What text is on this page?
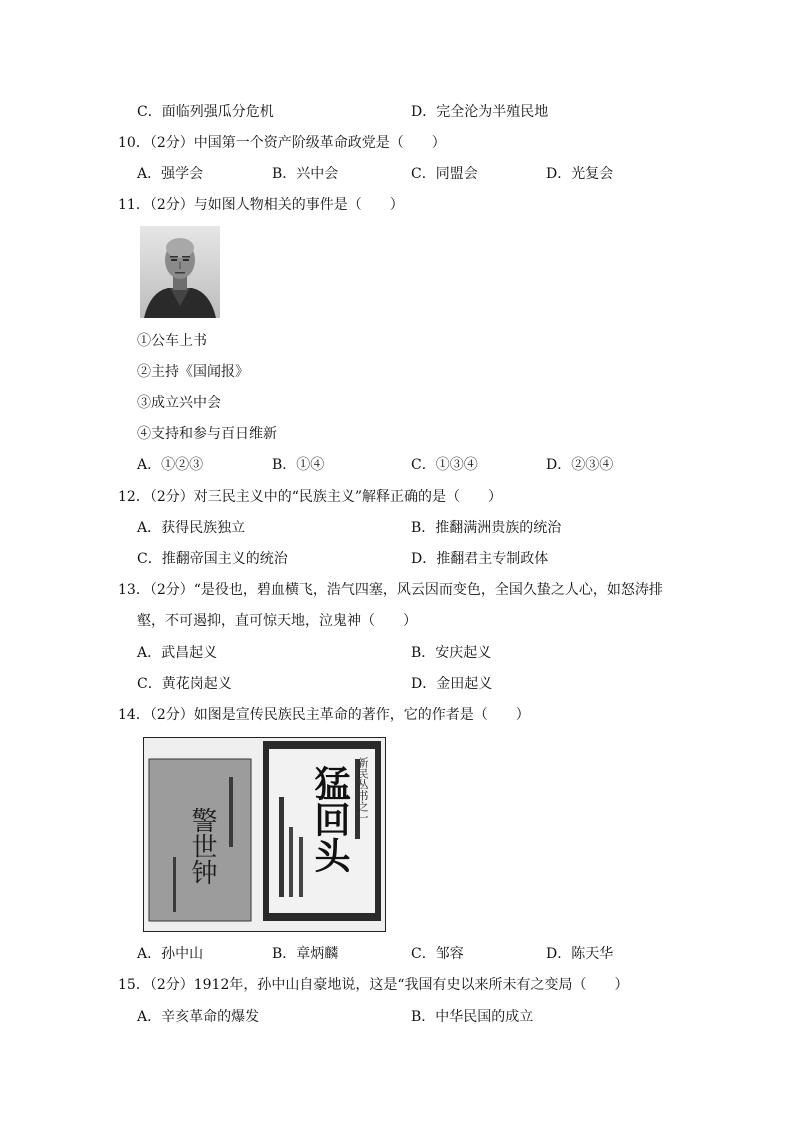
C．面临列强瓜分危机	D．完全沦为半殖民地
10．（2分）中国第一个资产阶级革命政党是（　　）
A．强学会	B．兴中会	C．同盟会	D．光复会
11．（2分）与如图人物相关的事件是（　　）
①公车上书
②主持《国闻报》
③成立兴中会
④支持和参与百日维新
A．①②③	B．①④	C．①③④	D．②③④
12．（2分）对三民主义中的“民族主义”解释正确的是（　　）
A．获得民族独立	B．推翻满洲贵族的统治
C．推翻帝国主义的统治	D．推翻君主专制政体
13．（2分）“是役也，碧血横飞，浩气四塞，风云因而变色，全国久蛰之人心，如怒涛排
壑，不可遏抑，直可惊天地，泣鬼神（　　）
A．武昌起义	B．安庆起义
C．黄花岗起义	D．金田起义
14．（2分）如图是宣传民族民主革命的著作，它的作者是（　　）
警世钟	猛回头 新民丛书之一
A．孙中山	B．章炳麟	C．邹容	D．陈天华
15．（2分）1912年，孙中山自豪地说，这是“我国有史以来所未有之变局（　　）
A．辛亥革命的爆发	B．中华民国的成立
